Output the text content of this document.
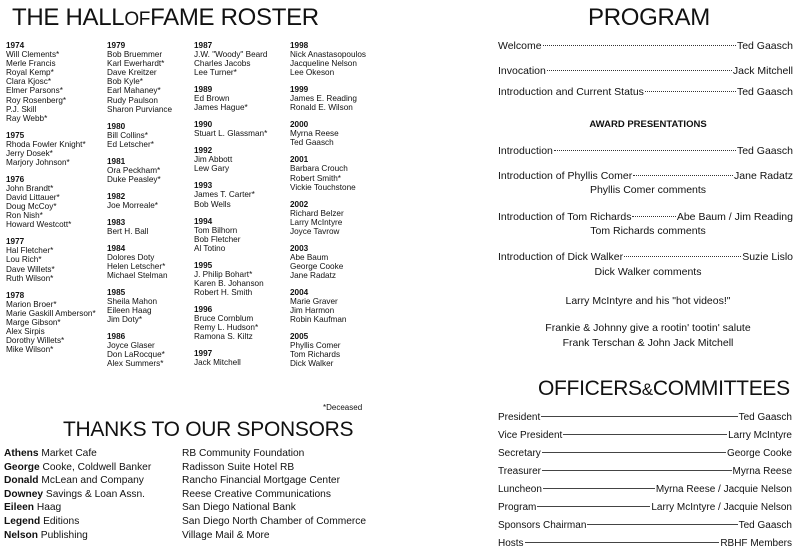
THE HALLOFFAME ROSTER
1974
Will Clements*
Merle Francis
Royal Kemp*
Clara Kjosc*
Elmer Parsons*
Roy Rosenberg*
P.J. Skill
Ray Webb*
1975
Rhoda Fowler Knight*
Jerry Dosek*
Marjory Johnson*
1976
John Brandt*
David Littauer*
Doug McCoy*
Ron Nish*
Howard Westcott*
1977
Hal Fletcher*
Lou Rich*
Dave Willets*
Ruth Wilson*
1978
Marion Broer*
Marie Gaskill Amberson*
Marge Gibson*
Alex Sirpis
Dorothy Willets*
Mike Wilson*
1979
Bob Bruemmer
Karl Ewerhardt*
Dave Kreitzer
Bob Kyle*
Earl Mahaney*
Rudy Paulson
Sharon Purviance
1980
Bill Collins*
Ed Letscher*
1981
Ora Peckham*
Duke Peasley*
1982
Joe Morreale*
1983
Bert H. Ball
1984
Dolores Doty
Helen Letscher*
Michael Stelman
1985
Sheila Mahon
Eileen Haag
Jim Doty*
1986
Joyce Glaser
Don LaRocque*
Alex Summers*
1987
J.W. "Woody" Beard
Charles Jacobs
Lee Turner*
1989
Ed Brown
James Hague*
1990
Stuart L. Glassman*
1992
Jim Abbott
Lew Gary
1993
James T. Carter*
Bob Wells
1994
Tom Bilhorn
Bob Fletcher
Al Totino
1995
J. Philip Bohart*
Karen B. Johanson
Robert H. Smith
1996
Bruce Cornblum
Remy L. Hudson*
Ramona S. Kiltz
1997
Jack Mitchell
1998
Nick Anastasopoulos
Jacqueline Nelson
Lee Okeson
1999
James E. Reading
Ronald E. Wilson
2000
Myrna Reese
Ted Gaasch
2001
Barbara Crouch
Robert Smith*
Vickie Touchstone
2002
Richard Belzer
Larry McIntyre
Joyce Tavrow
2003
Abe Baum
George Cooke
Jane Radatz
2004
Marie Graver
Jim Harmon
Robin Kaufman
2005
Phyllis Comer
Tom Richards
Dick Walker
*Deceased
THANKS TO OUR SPONSORS
Athens Market Cafe
George Cooke, Coldwell Banker
Donald McLean and Company
Downey Savings & Loan Assn.
Eileen Haag
Legend Editions
Nelson Publishing
RB Community Foundation
Radisson Suite Hotel RB
Rancho Financial Mortgage Center
Reese Creative Communications
San Diego National Bank
San Diego North Chamber of Commerce
Village Mail & More
PROGRAM
Welcome	Ted Gaasch
Invocation	Jack Mitchell
Introduction and Current Status	Ted Gaasch
AWARD PRESENTATIONS
Introduction	Ted Gaasch
Introduction of Phyllis Comer	Jane Radatz
Phyllis Comer comments
Introduction of Tom Richards	Abe Baum / Jim Reading
Tom Richards comments
Introduction of Dick Walker	Suzie Lislo
Dick Walker comments
Larry McIntyre and his "hot videos!"
Frankie & Johnny give a rootin' tootin' salute
Frank Terschan & John Jack Mitchell
OFFICERS&COMMITTEES
President	Ted Gaasch
Vice President	Larry McIntyre
Secretary	George Cooke
Treasurer	Myrna Reese
Luncheon	Myrna Reese / Jacquie Nelson
Program	Larry McIntyre / Jacquie Nelson
Sponsors Chairman	Ted Gaasch
Hosts	RBHF Members
